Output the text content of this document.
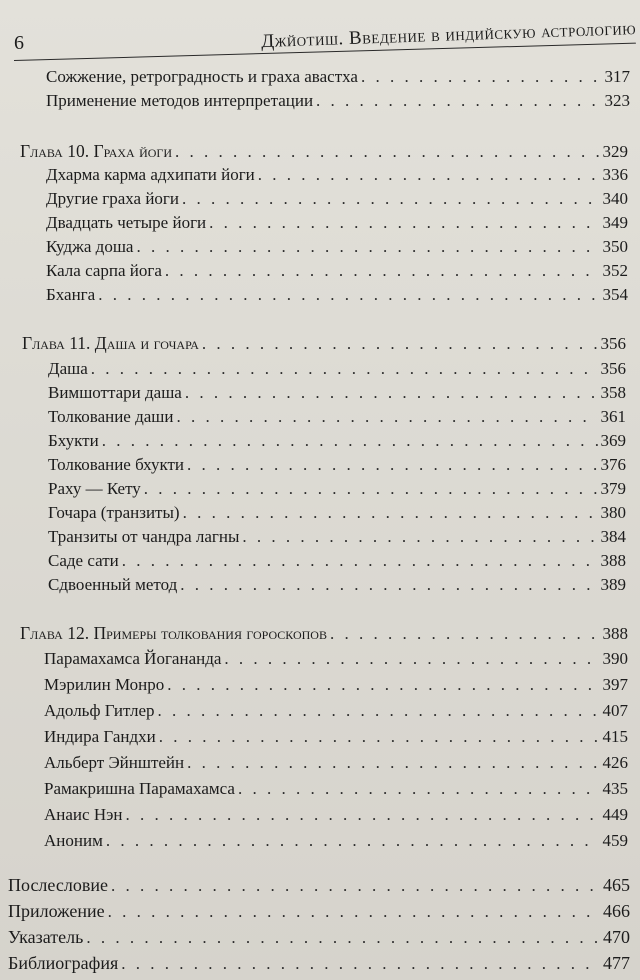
6	Джйотиш. Введение в индийскую астрологию
Сожжение, ретроградность и граха авастха . . .	317
Применение методов интерпретации . . .	323
Глава 10. Граха йоги . . .	329
Дхарма карма адхипати йоги . . .	336
Другие граха йоги . . .	340
Двадцать четыре йоги . . .	349
Куджа доша . . .	350
Кала сарпа йога . . .	352
Бханга . . .	354
Глава 11. Даша и гочара . . .	356
Даша . . .	356
Вимшоттари даша . . .	358
Толкование даши . . .	361
Бхукти . . .	369
Толкование бхукти . . .	376
Раху — Кету . . .	379
Гочара (транзиты) . . .	380
Транзиты от чандра лагны . . .	384
Саде сати . . .	388
Сдвоенный метод . . .	389
Глава 12. Примеры толкования гороскопов . . .	388
Парамахамса Йогананда . . .	390
Мэрилин Монро . . .	397
Адольф Гитлер . . .	407
Индира Гандхи . . .	415
Альберт Эйнштейн . . .	426
Рамакришна Парамахамса . . .	435
Анаис Нэн . . .	449
Аноним . . .	459
Послесловие . . .	465
Приложение . . .	466
Указатель . . .	470
Библиография . . .	477
